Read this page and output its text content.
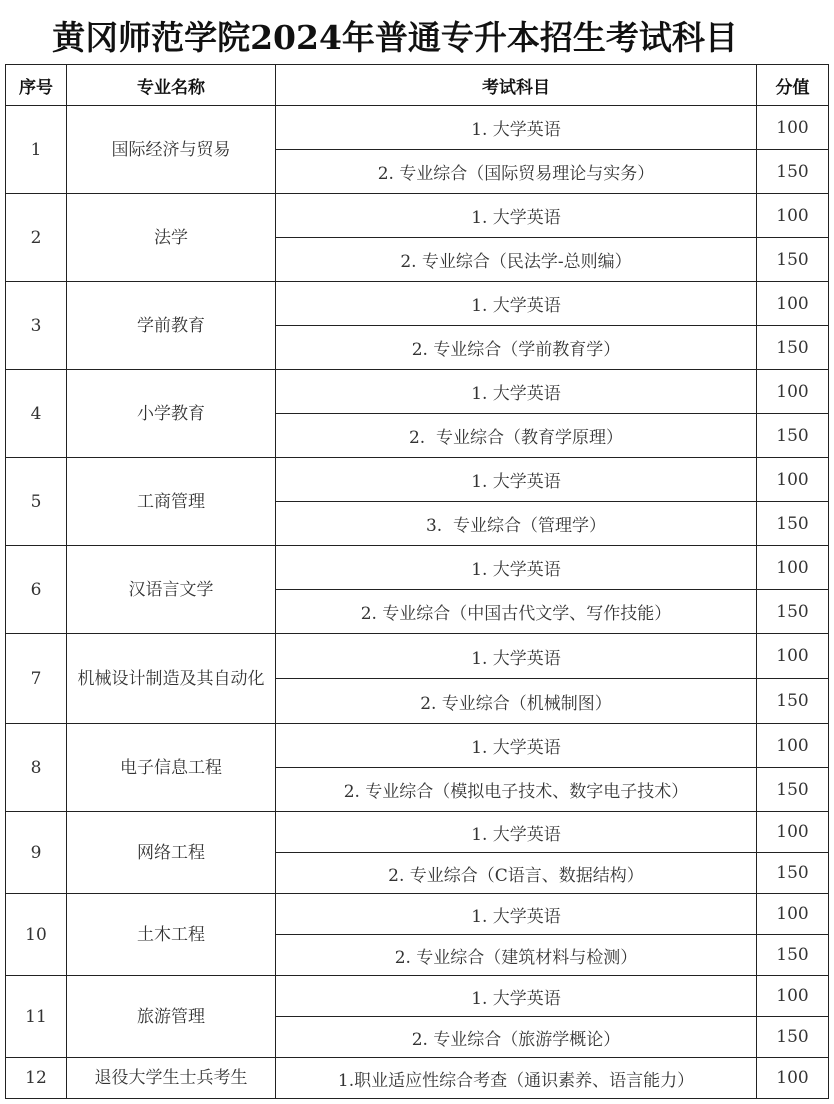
黄冈师范学院2024年普通专升本招生考试科目
序号	专业名称	考试科目	分值
1	国际经济与贸易	1. 大学英语	100
		2. 专业综合（国际贸易理论与实务）	150
2	法学	1. 大学英语	100
		2. 专业综合（民法学-总则编）	150
3	学前教育	1. 大学英语	100
		2. 专业综合（学前教育学）	150
4	小学教育	1. 大学英语	100
		2.  专业综合（教育学原理）	150
5	工商管理	1. 大学英语	100
		3.  专业综合（管理学）	150
6	汉语言文学	1. 大学英语	100
		2. 专业综合（中国古代文学、写作技能）	150
7	机械设计制造及其自动化	1. 大学英语	100
		2. 专业综合（机械制图）	150
8	电子信息工程	1. 大学英语	100
		2. 专业综合（模拟电子技术、数字电子技术）	150
9	网络工程	1. 大学英语	100
		2. 专业综合（C语言、数据结构）	150
10	土木工程	1. 大学英语	100
		2. 专业综合（建筑材料与检测）	150
11	旅游管理	1. 大学英语	100
		2. 专业综合（旅游学概论）	150
12	退役大学生士兵考生	1.职业适应性综合考查（通识素养、语言能力）	100
